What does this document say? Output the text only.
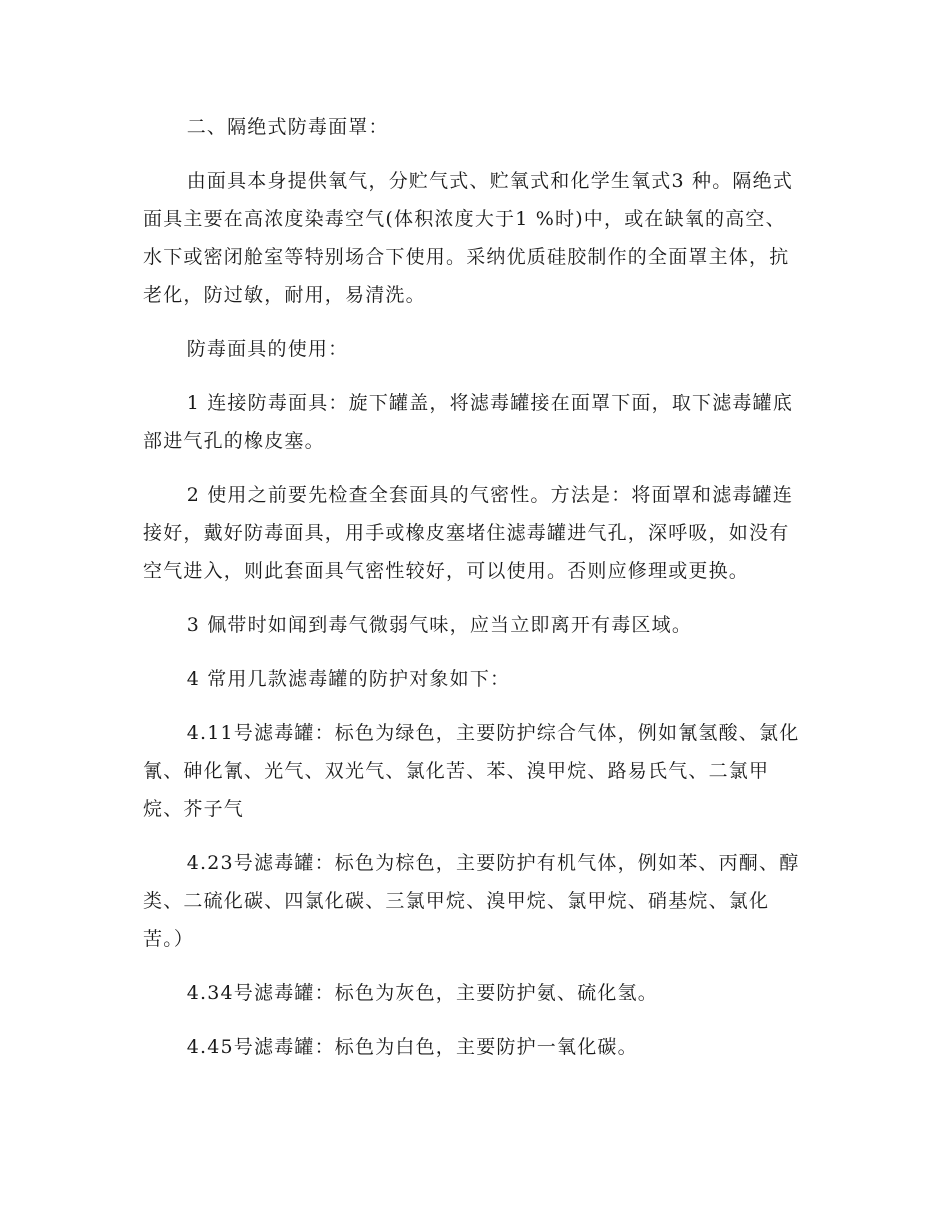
二、隔绝式防毒面罩：

由面具本身提供氧气，分贮气式、贮氧式和化学生氧式3 种。隔绝式面具主要在高浓度染毒空气(体积浓度大于1 %时)中，或在缺氧的高空、水下或密闭舱室等特别场合下使用。采纳优质硅胶制作的全面罩主体，抗老化，防过敏，耐用，易清洗。

防毒面具的使用：

1 连接防毒面具：旋下罐盖，将滤毒罐接在面罩下面，取下滤毒罐底部进气孔的橡皮塞。

2 使用之前要先检查全套面具的气密性。方法是：将面罩和滤毒罐连接好，戴好防毒面具，用手或橡皮塞堵住滤毒罐进气孔，深呼吸，如没有空气进入，则此套面具气密性较好，可以使用。否则应修理或更换。

3 佩带时如闻到毒气微弱气味，应当立即离开有毒区域。

4 常用几款滤毒罐的防护对象如下：

4.11号滤毒罐：标色为绿色，主要防护综合气体，例如氰氢酸、氯化氰、砷化氰、光气、双光气、氯化苦、苯、溴甲烷、路易氏气、二氯甲烷、芥子气

4.23号滤毒罐：标色为棕色，主要防护有机气体，例如苯、丙酮、醇类、二硫化碳、四氯化碳、三氯甲烷、溴甲烷、氯甲烷、硝基烷、氯化苦。）

4.34号滤毒罐：标色为灰色，主要防护氨、硫化氢。

4.45号滤毒罐：标色为白色，主要防护一氧化碳。
